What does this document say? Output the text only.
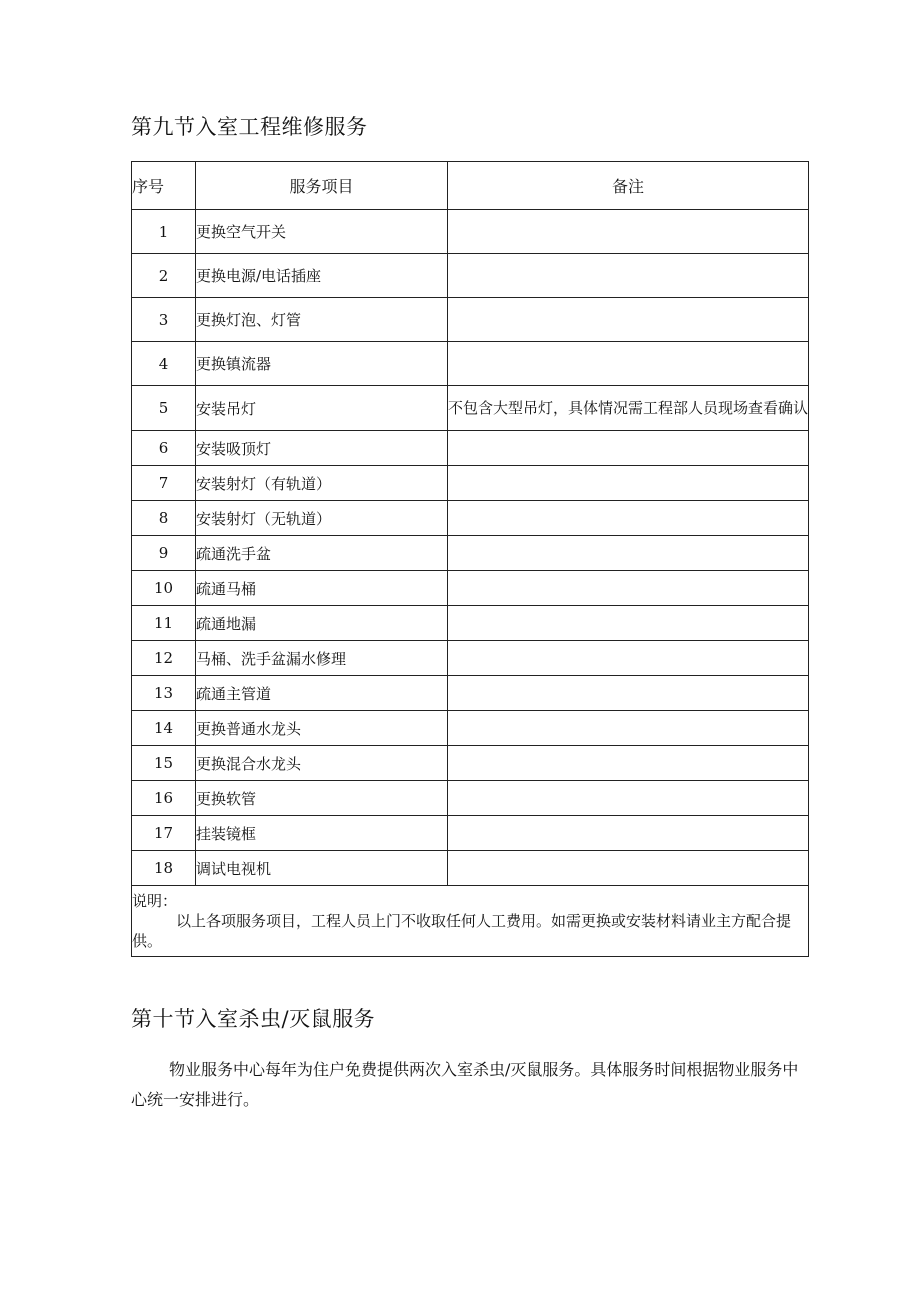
第九节入室工程维修服务
序号	服务项目	备注
1	更换空气开关	
2	更换电源/电话插座	
3	更换灯泡、灯管	
4	更换镇流器	
5	安装吊灯	不包含大型吊灯，具体情况需工程部人员现场查看确认
6	安装吸顶灯	
7	安装射灯（有轨道）	
8	安装射灯（无轨道）	
9	疏通洗手盆	
10	疏通马桶	
11	疏通地漏	
12	马桶、洗手盆漏水修理	
13	疏通主管道	
14	更换普通水龙头	
15	更换混合水龙头	
16	更换软管	
17	挂装镜框	
18	调试电视机	

说明：
以上各项服务项目，工程人员上门不收取任何人工费用。如需更换或安装材料请业主方配合提供。		
第十节入室杀虫/灭鼠服务
物业服务中心每年为住户免费提供两次入室杀虫/灭鼠服务。具体服务时间根据物业服务中心统一安排进行。
